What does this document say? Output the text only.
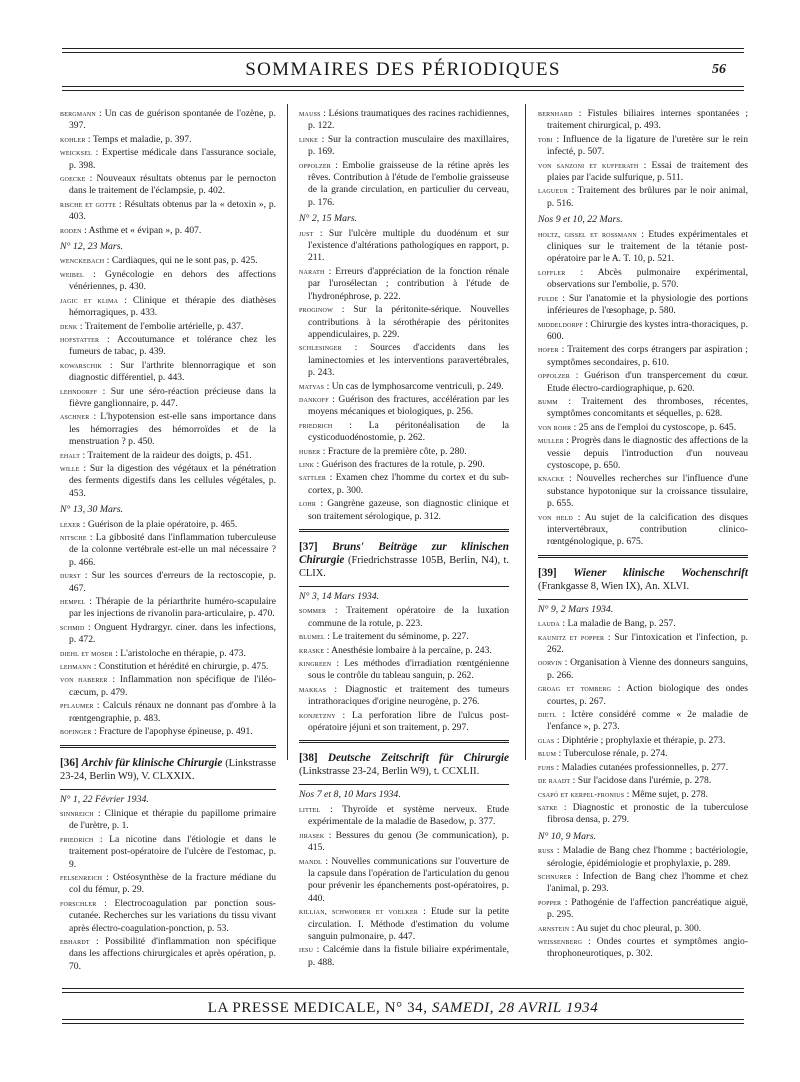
SOMMAIRES DES PÉRIODIQUES	56
bergmann : Un cas de guérison spontanée de l'ozène, p. 397.
kohler : Temps et maladie, p. 397.
weicksel : Expertise médicale dans l'assurance sociale, p. 398.
goecke : Nouveaux résultats obtenus par le pernocton dans le traitement de l'éclampsie, p. 402.
rische et gotte : Résultats obtenus par la « detoxin », p. 403.
roden : Asthme et « évipan », p. 407.
N° 12, 23 Mars.
wenckebach : Cardiaques, qui ne le sont pas, p. 425.
weibel : Gynécologie en dehors des affections vénériennes, p. 430.
jagic et klima : Clinique et thérapie des diathèses hémorragiques, p. 433.
denk : Traitement de l'embolie artérielle, p. 437.
hofstatter : Accoutumance et tolérance chez les fumeurs de tabac, p. 439.
kowarschik : Sur l'arthrite blennorragique et son diagnostic différentiel, p. 443.
lehndorff : Sur une séro-réaction précieuse dans la fièvre ganglionnaire, p. 447.
aschner : L'hypotension est-elle sans importance dans les hémorragies des hémorroïdes et de la menstruation ? p. 450.
ehalt : Traitement de la raideur des doigts, p. 451.
wille : Sur la digestion des végétaux et la pénétration des ferments digestifs dans les cellules végétales, p. 453.
N° 13, 30 Mars.
lexer : Guérison de la plaie opératoire, p. 465.
nitsche : La gibbosité dans l'inflammation tuberculeuse de la colonne vertébrale est-elle un mal nécessaire ? p. 466.
durst : Sur les sources d'erreurs de la rectoscopie, p. 467.
hempel : Thérapie de la périarthrite huméro-scapulaire par les injections de rivanolin para-articulaire, p. 470.
schmid : Onguent Hydrargyr. ciner. dans les infections, p. 472.
diehl et moser : L'aristoloche en thérapie, p. 473.
lehmann : Constitution et hérédité en chirurgie, p. 475.
von haberer : Inflammation non spécifique de l'iléo-cæcum, p. 479.
pflaumer : Calculs rénaux ne donnant pas d'ombre à la rœntgengraphie, p. 483.
bofinger : Fracture de l'apophyse épineuse, p. 491.
[36] Archiv für klinische Chirurgie (Linkstrasse 23-24, Berlin W9), V. CLXXIX.
N° 1, 22 Février 1934.
sinnreich : Clinique et thérapie du papillome primaire de l'urètre, p. 1.
friedrich : La nicotine dans l'étiologie et dans le traitement post-opératoire de l'ulcère de l'estomac, p. 9.
felsenreich : Ostéosynthèse de la fracture médiane du col du fémur, p. 29.
forschler : Electrocoagulation par ponction sous-cutanée. Recherches sur les variations du tissu vivant après électro-coagulation-ponction, p. 53.
ebhardt : Possibilité d'inflammation non spécifique dans les affections chirurgicales et après opération, p. 70.
mauss : Lésions traumatiques des racines rachidiennes, p. 122.
linke : Sur la contraction musculaire des maxillaires, p. 169.
oppolzer : Embolie graisseuse de la rétine après les rêves. Contribution à l'étude de l'embolie graisseuse de la grande circulation, en particulier du cerveau, p. 176.
N° 2, 15 Mars.
just : Sur l'ulcère multiple du duodénum et sur l'existence d'altérations pathologiques en rapport, p. 211.
narath : Erreurs d'appréciation de la fonction rénale par l'urosélectan ; contribution à l'étude de l'hydronéphrose, p. 222.
proginow : Sur la péritonite-sérique. Nouvelles contributions à la sérothérapie des péritonites appendiculaires, p. 229.
schlesinger : Sources d'accidents dans les laminectomies et les interventions paravertébrales, p. 243.
matyas : Un cas de lymphosarcome ventriculi, p. 249.
dankoff : Guérison des fractures, accélération par les moyens mécaniques et biologiques, p. 256.
friedrich : La péritonéalisation de la cysticoduodénostomie, p. 262.
huber : Fracture de la première côte, p. 280.
link : Guérison des fractures de la rotule, p. 290.
sattler : Examen chez l'homme du cortex et du sub-cortex, p. 300.
lohr : Gangrène gazeuse, son diagnostic clinique et son traitement sérologique, p. 312.
[37] Bruns' Beiträge zur klinischen Chirurgie (Friedrichstrasse 105B, Berlin, N4), t. CLIX.
N° 3, 14 Mars 1934.
sommer : Traitement opératoire de la luxation commune de la rotule, p. 223.
blumel : Le traitement du séminome, p. 227.
kraske : Anesthésie lombaire à la percaïne, p. 243.
kingreen : Les méthodes d'irradiation rœntgénienne sous le contrôle du tableau sanguin, p. 262.
makkas : Diagnostic et traitement des tumeurs intrathoraciques d'origine neurogène, p. 276.
konjetzny : La perforation libre de l'ulcus post-opératoire jéjuni et son traitement, p. 297.
[38] Deutsche Zeitschrift für Chirurgie (Linkstrasse 23-24, Berlin W9), t. CCXLII.
Nos 7 et 8, 10 Mars 1934.
littel : Thyroïde et système nerveux. Etude expérimentale de la maladie de Basedow, p. 377.
jirasek : Bessures du genou (3e communication), p. 415.
mandl : Nouvelles communications sur l'ouverture de la capsule dans l'opération de l'articulation du genou pour prévenir les épanchements post-opératoires, p. 440.
killian, schwoerer et voelker : Etude sur la petite circulation. I. Méthode d'estimation du volume sanguin pulmonaire, p. 447.
iesu : Calcémie dans la fistule biliaire expérimentale, p. 488.
bernhard : Fistules biliaires internes spontanées ; traitement chirurgical, p. 493.
tobi : Influence de la ligature de l'uretère sur le rein infecté, p. 507.
von sanzoni et kufferath : Essai de traitement des plaies par l'acide sulfurique, p. 511.
lagueur : Traitement des brûlures par le noir animal, p. 516.
Nos 9 et 10, 22 Mars.
holtz, gissel et rossmann : Etudes expérimentales et cliniques sur le traitement de la tétanie post-opératoire par le A. T. 10, p. 521.
loffler : Abcès pulmonaire expérimental, observations sur l'embolie, p. 570.
fulde : Sur l'anatomie et la physiologie des portions inférieures de l'œsophage, p. 580.
middeldorpf : Chirurgie des kystes intra-thoraciques, p. 600.
hofer : Traitement des corps étrangers par aspiration ; symptômes secondaires, p. 610.
oppolzer : Guérison d'un transpercement du cœur. Etude électro-cardiographique, p. 620.
bumm : Traitement des thromboses, récentes, symptômes concomitants et séquelles, p. 628.
von rohr : 25 ans de l'emploi du cystoscope, p. 645.
muller : Progrès dans le diagnostic des affections de la vessie depuis l'introduction d'un nouveau cystoscope, p. 650.
knacke : Nouvelles recherches sur l'influence d'une substance hypotonique sur la croissance tissulaire, p. 655.
von held : Au sujet de la calcification des disques intervertébraux, contribution clinico-rœntgénologique, p. 675.
[39] Wiener klinische Wochenschrift (Frankgasse 8, Wien IX), An. XLVI.
N° 9, 2 Mars 1934.
lauda : La maladie de Bang, p. 257.
kaunitz et popper : Sur l'intoxication et l'infection, p. 262.
oorvin : Organisation à Vienne des donneurs sanguins, p. 266.
groag et tomberg : Action biologique des ondes courtes, p. 267.
dietl : Ictère considéré comme « 2e maladie de l'enfance », p. 273.
glas : Diphtérie ; prophylaxie et thérapie, p. 273.
blum : Tuberculose rénale, p. 274.
fuhs : Maladies cutanées professionnelles, p. 277.
de raadt : Sur l'acidose dans l'urémie, p. 278.
csapó et kerpel-fronius : Même sujet, p. 278.
satke : Diagnostic et pronostic de la tuberculose fibrosa densa, p. 279.
N° 10, 9 Mars.
russ : Maladie de Bang chez l'homme ; bactériologie, sérologie, épidémiologie et prophylaxie, p. 289.
schnurer : Infection de Bang chez l'homme et chez l'animal, p. 293.
popper : Pathogénie de l'affection pancréatique aiguë, p. 295.
arnstein : Au sujet du choc pleural, p. 300.
weissenberg : Ondes courtes et symptômes angio-throphoneurotiques, p. 302.
LA PRESSE MEDICALE, N° 34, SAMEDI, 28 AVRIL 1934
